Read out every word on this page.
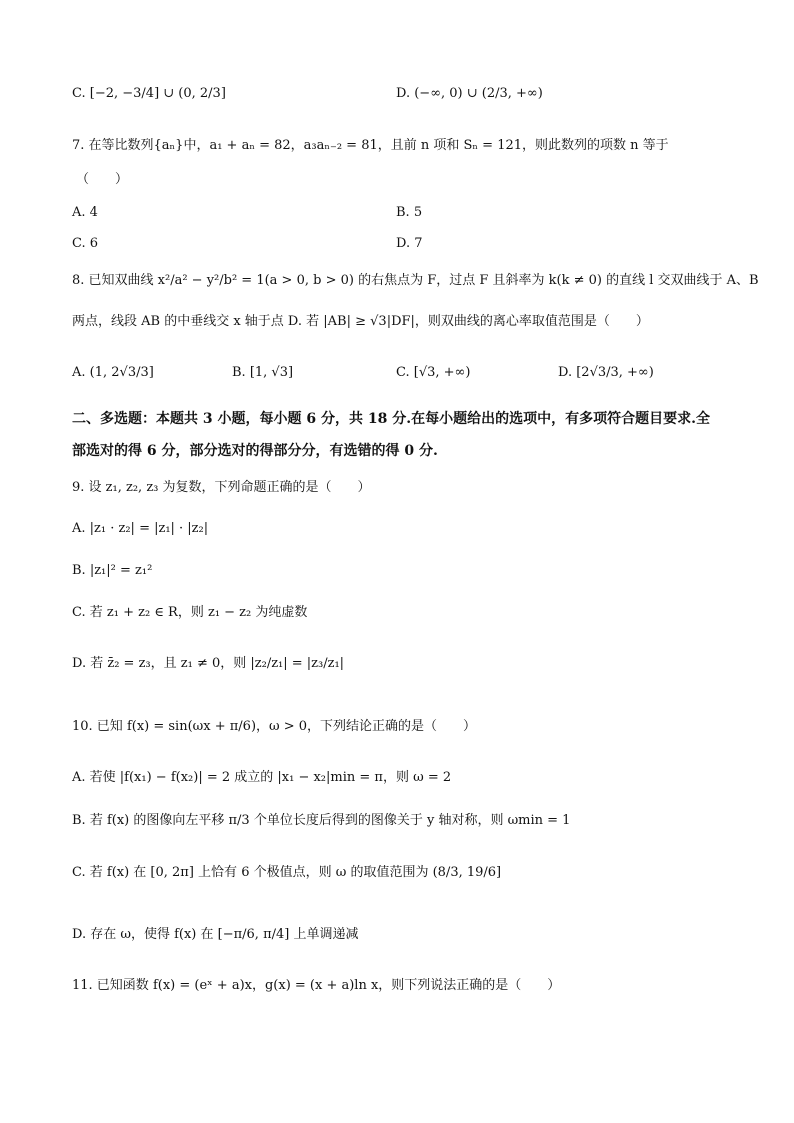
C. [−2, −3/4] ∪ (0, 2/3]	D. (−∞, 0) ∪ (2/3, +∞)
7. 在等比数列{aₙ}中，a₁ + aₙ = 82，a₃aₙ₋₂ = 81，且前 n 项和 Sₙ = 121，则此数列的项数 n 等于
（　　）
A. 4	B. 5
C. 6	D. 7
8. 已知双曲线 x²/a² − y²/b² = 1(a > 0, b > 0) 的右焦点为 F，过点 F 且斜率为 k(k ≠ 0) 的直线 l 交双曲线于 A、B
两点，线段 AB 的中垂线交 x 轴于点 D. 若 |AB| ≥ √3|DF|，则双曲线的离心率取值范围是（　　）
A. (1, 2√3/3]	B. [1, √3]	C. [√3, +∞)	D. [2√3/3, +∞)
二、多选题：本题共 3 小题，每小题 6 分，共 18 分.在每小题给出的选项中，有多项符合题目要求.全部选对的得 6 分，部分选对的得部分分，有选错的得 0 分.
9. 设 z₁, z₂, z₃ 为复数，下列命题正确的是（　　）
A. |z₁ · z₂| = |z₁| · |z₂|
B. |z₁|² = z₁²
C. 若 z₁ + z₂ ∈ R，则 z₁ − z₂ 为纯虚数
D. 若 z̄₂ = z₃，且 z₁ ≠ 0，则 |z₂/z₁| = |z₃/z₁|
10. 已知 f(x) = sin(ωx + π/6)，ω > 0，下列结论正确的是（　　）
A. 若使 |f(x₁) − f(x₂)| = 2 成立的 |x₁ − x₂|min = π，则 ω = 2
B. 若 f(x) 的图像向左平移 π/3 个单位长度后得到的图像关于 y 轴对称，则 ωmin = 1
C. 若 f(x) 在 [0, 2π] 上恰有 6 个极值点，则 ω 的取值范围为 (8/3, 19/6]
D. 存在 ω，使得 f(x) 在 [−π/6, π/4] 上单调递减
11. 已知函数 f(x) = (eˣ + a)x，g(x) = (x + a)ln x，则下列说法正确的是（　　）
